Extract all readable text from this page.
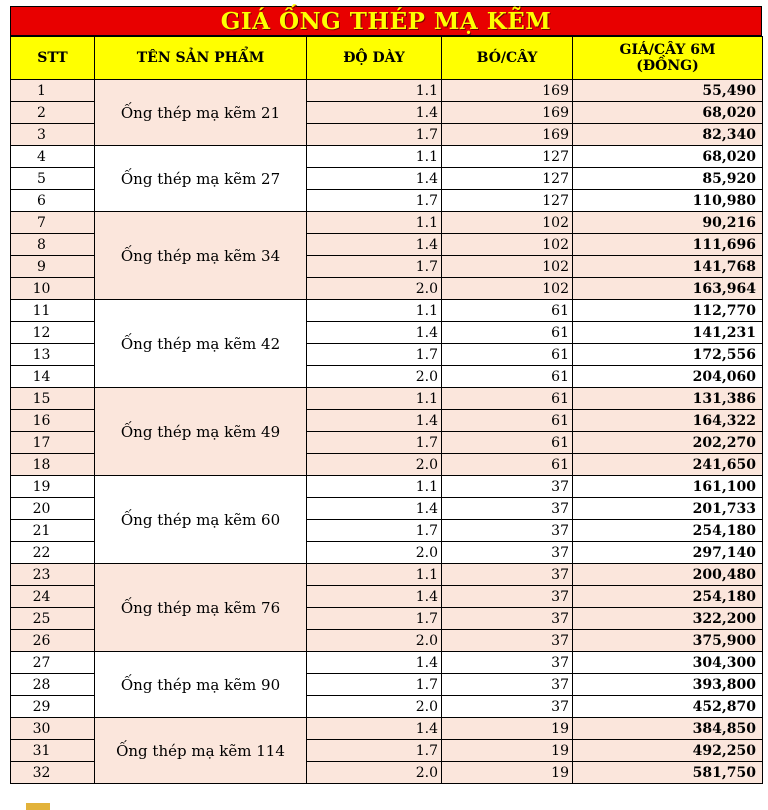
GIÁ ỐNG THÉP MẠ KẼM
STT	TÊN SẢN PHẨM	ĐỘ DÀY	BÓ/CÂY	GIÁ/CÂY 6M
(ĐỒNG)
1	Ống thép mạ kẽm 21	1.1	169	55,490
2		1.4	169	68,020
3		1.7	169	82,340
4	Ống thép mạ kẽm 27	1.1	127	68,020
5		1.4	127	85,920
6		1.7	127	110,980
7	Ống thép mạ kẽm 34	1.1	102	90,216
8		1.4	102	111,696
9		1.7	102	141,768
10		2.0	102	163,964
11	Ống thép mạ kẽm 42	1.1	61	112,770
12		1.4	61	141,231
13		1.7	61	172,556
14		2.0	61	204,060
15	Ống thép mạ kẽm 49	1.1	61	131,386
16		1.4	61	164,322
17		1.7	61	202,270
18		2.0	61	241,650
19	Ống thép mạ kẽm 60	1.1	37	161,100
20		1.4	37	201,733
21		1.7	37	254,180
22		2.0	37	297,140
23	Ống thép mạ kẽm 76	1.1	37	200,480
24		1.4	37	254,180
25		1.7	37	322,200
26		2.0	37	375,900
27	Ống thép mạ kẽm 90	1.4	37	304,300
28		1.7	37	393,800
29		2.0	37	452,870
30	Ống thép mạ kẽm 114	1.4	19	384,850
31		1.7	19	492,250
32		2.0	19	581,750
